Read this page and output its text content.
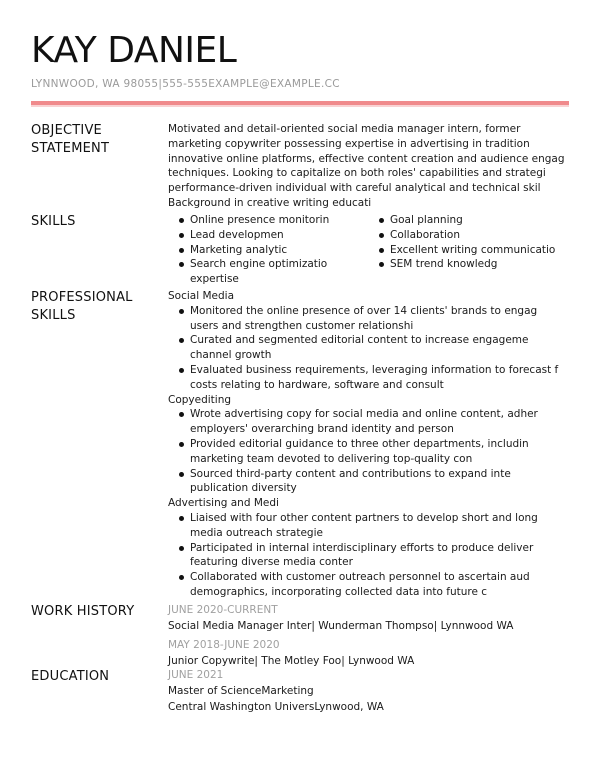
KAY DANIEL
LYNNWOOD, WA 98055|555-555EXAMPLE@EXAMPLE.CC
OBJECTIVE
STATEMENT
Motivated and detail-oriented social media manager intern, former
marketing copywriter possessing expertise in advertising in tradition
innovative online platforms, effective content creation and audience engag
techniques. Looking to capitalize on both roles' capabilities and strategi
performance-driven individual with careful analytical and technical skil
Background in creative writing educati
SKILLS	Online presence monitorin
Lead developmen
Marketing analytic
Search engine optimizatio
expertise
Goal planning
Collaboration
Excellent writing communicatio
SEM trend knowledg
PROFESSIONAL
SKILLS
Social Media
Monitored the online presence of over 14 clients' brands to engag
users and strengthen customer relationshi
Curated and segmented editorial content to increase engageme
channel growth
Evaluated business requirements, leveraging information to forecast f
costs relating to hardware, software and consult
Copyediting
Wrote advertising copy for social media and online content, adher
employers' overarching brand identity and person
Provided editorial guidance to three other departments, includin
marketing team devoted to delivering top-quality con
Sourced third-party content and contributions to expand inte
publication diversity
Advertising and Medi
Liaised with four other content partners to develop short and long
media outreach strategie
Participated in internal interdisciplinary efforts to produce deliver
featuring diverse media conter
Collaborated with customer outreach personnel to ascertain aud
demographics, incorporating collected data into future c
WORK HISTORY	JUNE 2020-CURRENT
Social Media Manager Inter| Wunderman Thompso| Lynnwood WA
MAY 2018-JUNE 2020
Junior Copywrite| The Motley Foo| Lynwood WA
EDUCATION	JUNE 2021
Master of ScienceMarketing
Central Washington UniversLynwood, WA
